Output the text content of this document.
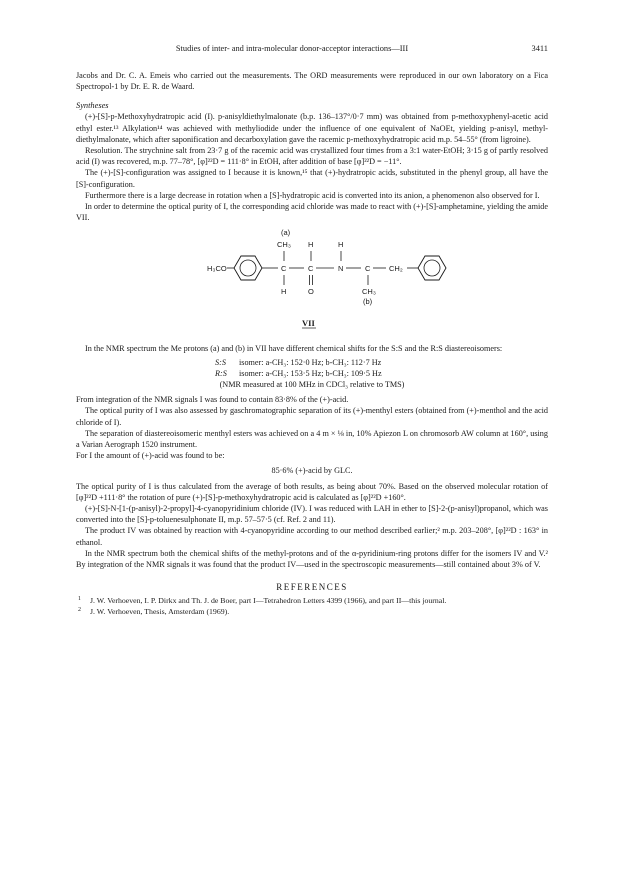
Studies of inter- and intra-molecular donor-acceptor interactions—III	3411

Jacobs and Dr. C. A. Emeis who carried out the measurements. The ORD measurements were reproduced in our own laboratory on a Fica Spectropol-1 by Dr. E. R. de Waard.

Syntheses

(+)-[S]-p-Methoxyhydratropic acid (I). p-anisyldiethylmalonate (b.p. 136–137°/0·7 mm) was obtained from p-methoxyphenyl-acetic acid ethyl ester.¹³ Alkylation¹⁴ was achieved with methyliodide under the influence of one equivalent of NaOEt, yielding p-anisyl, methyl-diethylmalonate, which after saponification and decarboxylation gave the racemic p-methoxyhydratropic acid m.p. 54–55° (from ligroine).

Resolution. The strychnine salt from 23·7 g of the racemic acid was crystallized four times from a 3:1 water-EtOH; 3·15 g of partly resolved acid (I) was recovered, m.p. 77–78°, [φ]²²D = 111·8° in EtOH, after addition of base [φ]²²D = −11°.

The (+)-[S]-configuration was assigned to I because it is known,¹⁵ that (+)-hydratropic acids, substituted in the phenyl group, all have the [S]-configuration.

Furthermore there is a large decrease in rotation when a [S]-hydratropic acid is converted into its anion, a phenomenon also observed for I.

In order to determine the optical purity of I, the corresponding acid chloride was made to react with (+)-[S]-amphetamine, yielding the amide VII.

(a)
CH₃ H	H
H₃CO	C	C	N	C CH₂
H	O	CH₃
(b)
VII

In the NMR spectrum the Me protons (a) and (b) in VII have different chemical shifts for the S:S and the R:S diastereoisomers:

S:S	isomer: a-CH₃: 152·0 Hz; b-CH₃: 112·7 Hz
R:S	isomer: a-CH₃: 153·5 Hz; b-CH₃: 109·5 Hz
(NMR measured at 100 MHz in CDCl₃ relative to TMS)

From integration of the NMR signals I was found to contain 83·8% of the (+)-acid.

The optical purity of I was also assessed by gaschromatographic separation of its (+)-menthyl esters (obtained from (+)-menthol and the acid chloride of I).

The separation of diastereoisomeric menthyl esters was achieved on a 4 m × ⅛ in, 10% Apiezon L on chromosorb AW column at 160°, using a Varian Aerograph 1520 instrument.

For I the amount of (+)-acid was found to be:

85·6% (+)-acid by GLC.

The optical purity of I is thus calculated from the average of both results, as being about 70%. Based on the observed molecular rotation of [φ]²²D +111·8° the rotation of pure (+)-[S]-p-methoxyhydratropic acid is calculated as [φ]²²D +160°.

(+)-[S]-N-[1-(p-anisyl)-2-propyl]-4-cyanopyridinium chloride (IV). I was reduced with LAH in ether to [S]-2-(p-anisyl)propanol, which was converted into the [S]-p-toluenesulphonate II, m.p. 57–57·5 (cf. Ref. 2 and 11).

The product IV was obtained by reaction with 4-cyanopyridine according to our method described earlier;² m.p. 203–208°, [φ]²²D : 163° in ethanol.

In the NMR spectrum both the chemical shifts of the methyl-protons and of the α-pyridinium-ring protons differ for the isomers IV and V.² By integration of the NMR signals it was found that the product IV—used in the spectroscopic measurements—still contained about 3% of V.

REFERENCES
1 J. W. Verhoeven, I. P. Dirkx and Th. J. de Boer, part I—Tetrahedron Letters 4399 (1966), and part II—this journal.
2 J. W. Verhoeven, Thesis, Amsterdam (1969).
